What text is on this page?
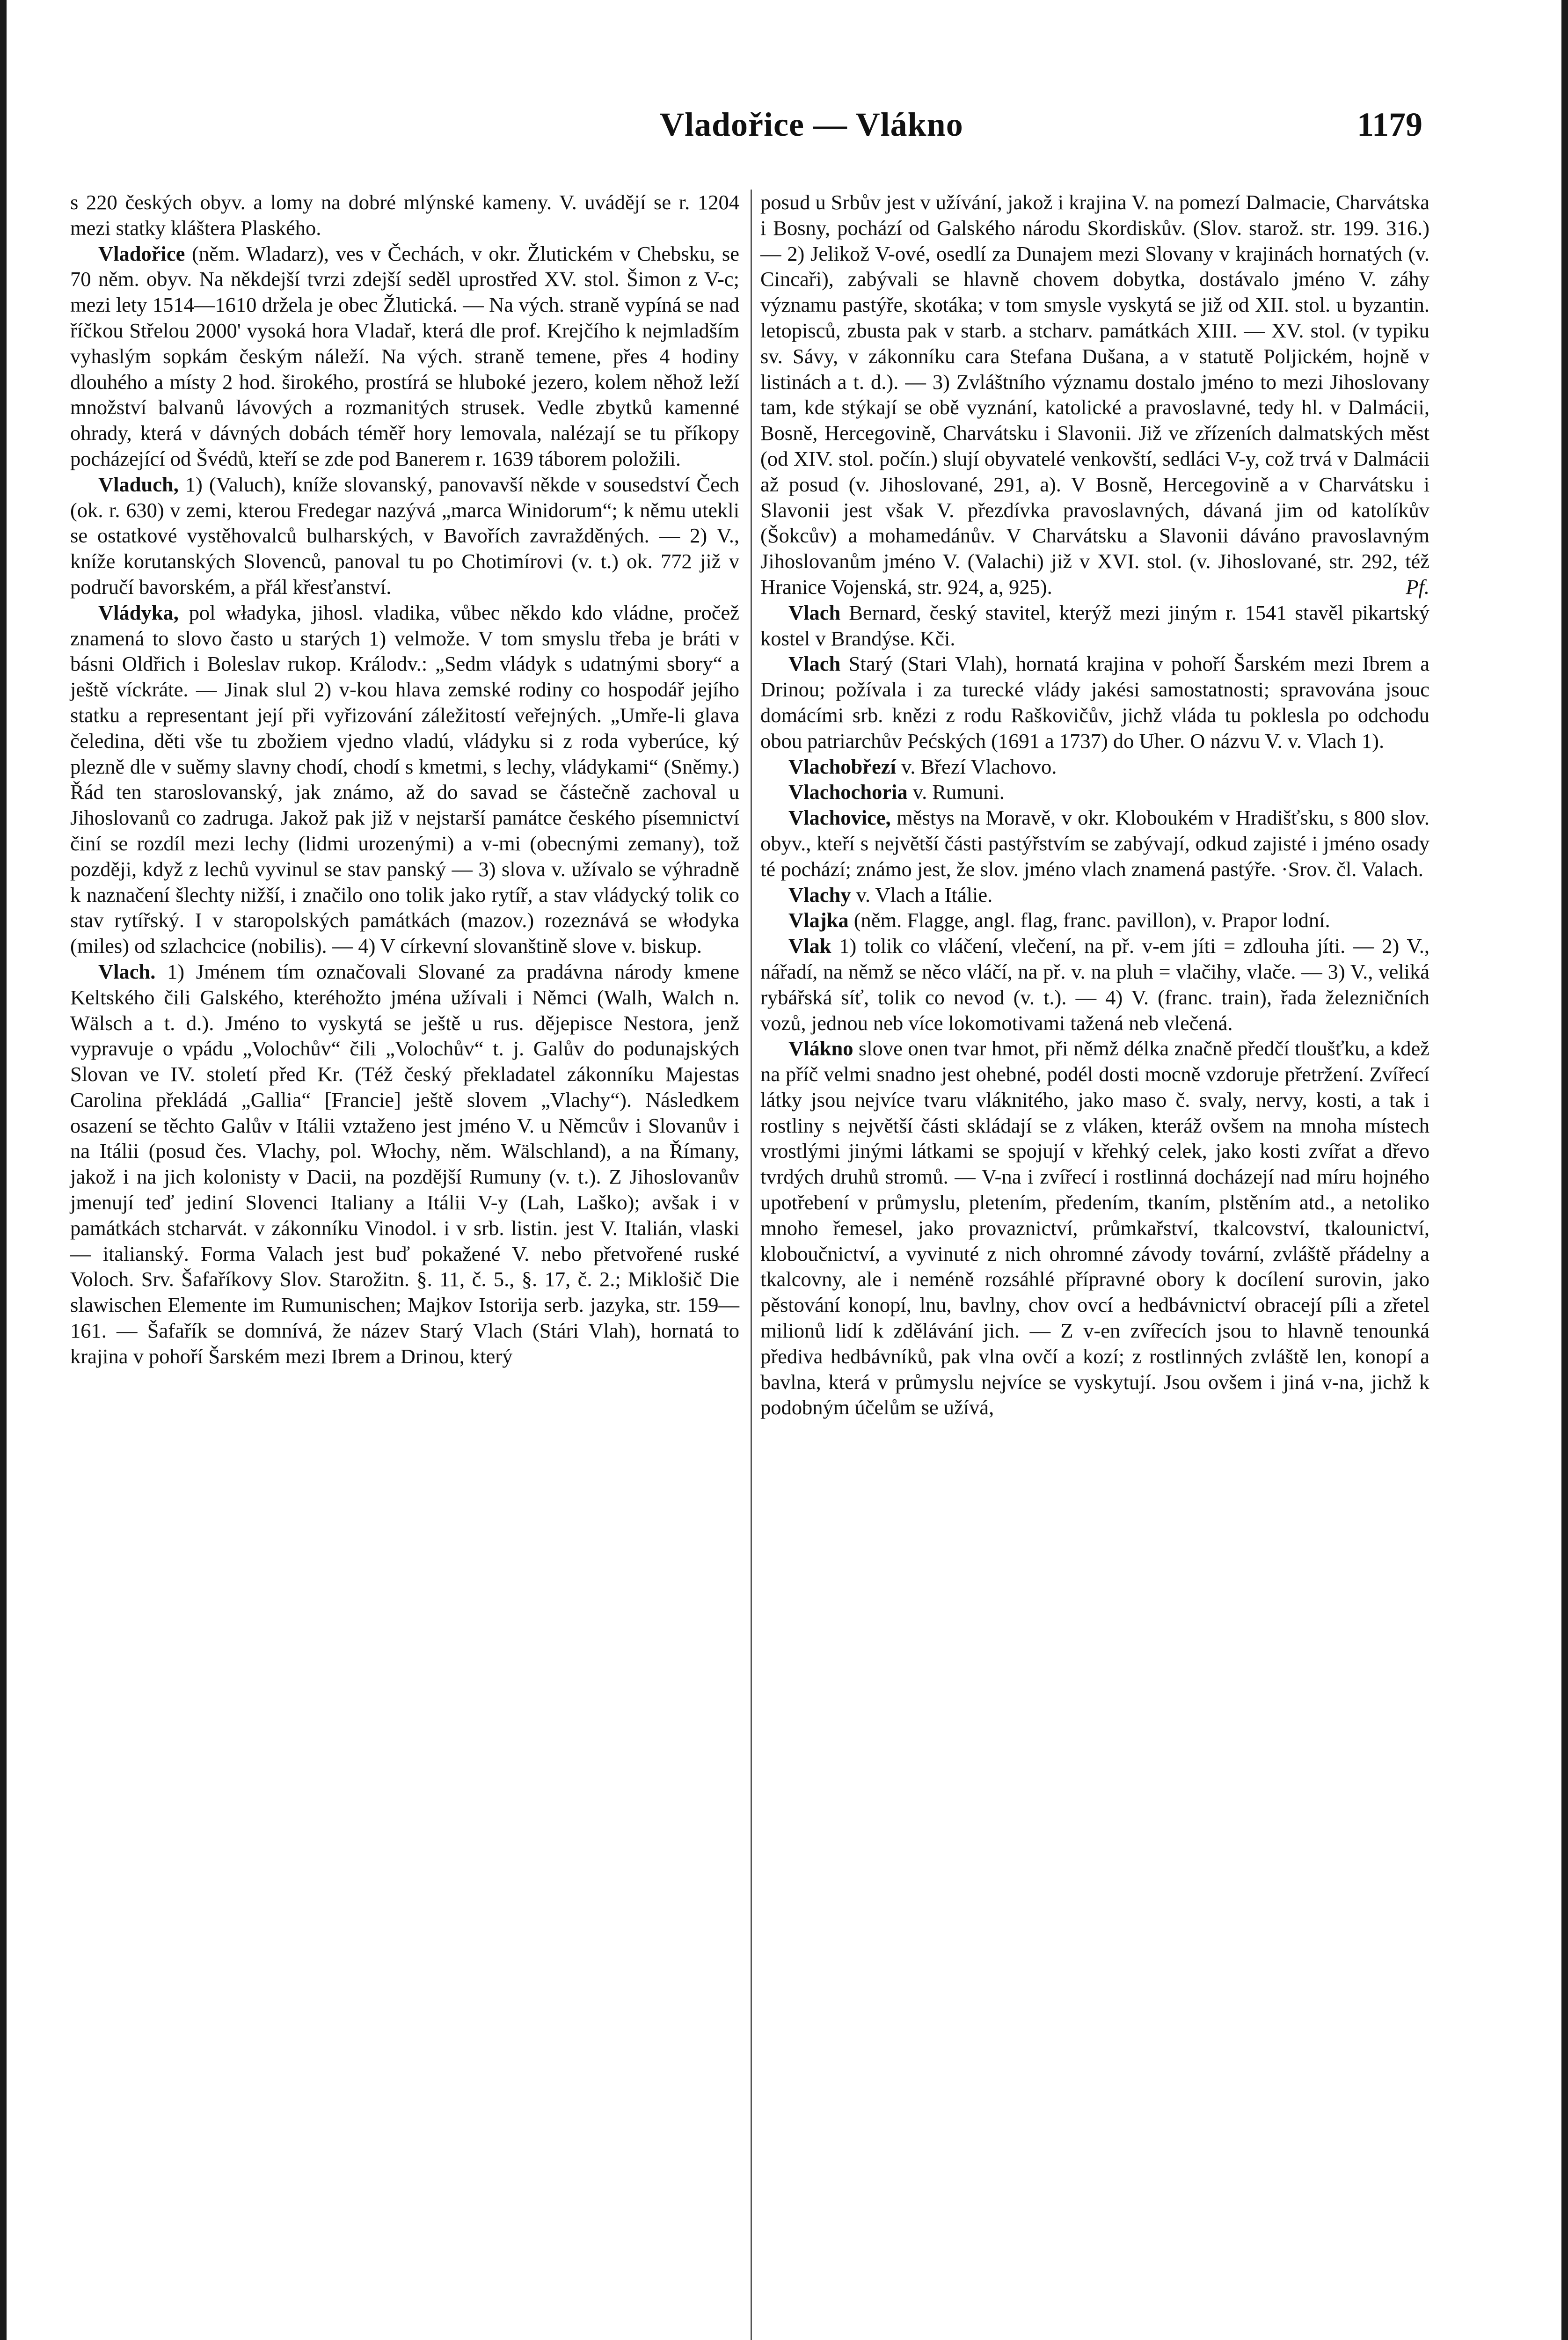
Vladořice — Vlákno	1179

s 220 českých obyv. a lomy na dobré mlýnské kameny. V. uvádějí se r. 1204 mezi statky kláštera Plaského.

Vladořice (něm. Wladarz), ves v Čechách, v okr. Žlutickém v Chebsku, se 70 něm. obyv. Na někdejší tvrzi zdejší seděl uprostřed XV. stol. Šimon z V-c; mezi lety 1514—1610 držela je obec Žlutická. — Na vých. straně vypíná se nad říčkou Střelou 2000' vysoká hora Vladař, která dle prof. Krejčího k nejmladším vyhaslým sopkám českým náleží. Na vých. straně temene, přes 4 hodiny dlouhého a místy 2 hod. širokého, prostírá se hluboké jezero, kolem něhož leží množství balvanů lávových a rozmanitých strusek. Vedle zbytků kamenné ohrady, která v dávných dobách téměř hory lemovala, nalézají se tu příkopy pocházející od Švédů, kteří se zde pod Banerem r. 1639 táborem položili.

Vladuch, 1) (Valuch), kníže slovanský, panovavší někde v sousedství Čech (ok. r. 630) v zemi, kterou Fredegar nazývá „marca Winidorum“; k němu utekli se ostatkové vystěhovalců bulharských, v Bavořích zavražděných. — 2) V., kníže korutanských Slovenců, panoval tu po Chotimírovi (v. t.) ok. 772 již v područí bavorském, a přál křesťanství.

Vládyka, pol władyka, jihosl. vladika, vůbec někdo kdo vládne, pročež znamená to slovo často u starých 1) velmože. V tom smyslu třeba je bráti v básni Oldřich i Boleslav rukop. Králodv.: „Sedm vládyk s udatnými sbory“ a ještě víckráte. — Jinak slul 2) v-kou hlava zemské rodiny co hospodář jejího statku a representant její při vyřizování záležitostí veřejných. „Umře-li glava čeledina, děti vše tu zbožiem vjedno vladú, vládyku si z roda vyberúce, ký plezně dle v suěmy slavny chodí, chodí s kmetmi, s lechy, vládykami“ (Sněmy.) Řád ten staroslovanský, jak známo, až do savad se částečně zachoval u Jihoslovanů co zadruga. Jakož pak již v nejstarší památce českého písemnictví činí se rozdíl mezi lechy (lidmi urozenými) a v-mi (obecnými zemany), tož později, když z lechů vyvinul se stav panský — 3) slova v. užívalo se výhradně k naznačení šlechty nižší, i značilo ono tolik jako rytíř, a stav vládycký tolik co stav rytířský. I v staropolských památkách (mazov.) rozeznává se włodyka (miles) od szlachcice (nobilis). — 4) V církevní slovanštině slove v. biskup.

Vlach. 1) Jménem tím označovali Slované za pradávna národy kmene Keltského čili Galského, kteréhožto jména užívali i Němci (Walh, Walch n. Wälsch a t. d.). Jméno to vyskytá se ještě u rus. dějepisce Nestora, jenž vypravuje o vpádu „Volochův“ čili „Volochův“ t. j. Galův do podunajských Slovan ve IV. století před Kr. (Též český překladatel zákonníku Majestas Carolina překládá „Gallia“ [Francie] ještě slovem „Vlachy“). Následkem osazení se těchto Galův v Itálii vztaženo jest jméno V. u Němcův i Slovanův i na Itálii (posud čes. Vlachy, pol. Włochy, něm. Wälschland), a na Římany, jakož i na jich kolonisty v Dacii, na pozdější Rumuny (v. t.). Z Jihoslovanův jmenují teď jediní Slovenci Italiany a Itálii V-y (Lah, Laško); avšak i v památkách stcharvát. v zákonníku Vinodol. i v srb. listin. jest V. Italián, vlaski — italianský. Forma Valach jest buď pokažené V. nebo přetvořené ruské Voloch. Srv. Šafaříkovy Slov. Starožitn. §. 11, č. 5., §. 17, č. 2.; Miklošič Die slawischen Elemente im Rumunischen; Majkov Istorija serb. jazyka, str. 159—161. — Šafařík se domnívá, že název Starý Vlach (Stári Vlah), hornatá to krajina v pohoří Šarském mezi Ibrem a Drinou, který

posud u Srbův jest v užívání, jakož i krajina V. na pomezí Dalmacie, Charvátska i Bosny, pochází od Galského národu Skordiskův. (Slov. starož. str. 199. 316.) — 2) Jelikož V-ové, osedlí za Dunajem mezi Slovany v krajinách hornatých (v. Cincaři), zabývali se hlavně chovem dobytka, dostávalo jméno V. záhy významu pastýře, skotáka; v tom smysle vyskytá se již od XII. stol. u byzantin. letopisců, zbusta pak v starb. a stcharv. památkách XIII. — XV. stol. (v typiku sv. Sávy, v zákonníku cara Stefana Dušana, a v statutě Poljickém, hojně v listinách a t. d.). — 3) Zvláštního významu dostalo jméno to mezi Jihoslovany tam, kde stýkají se obě vyznání, katolické a pravoslavné, tedy hl. v Dalmácii, Bosně, Hercegovině, Charvátsku i Slavonii. Již ve zřízeních dalmatských měst (od XIV. stol. počín.) slují obyvatelé venkovští, sedláci V-y, což trvá v Dalmácii až posud (v. Jihoslované, 291, a). V Bosně, Hercegovině a v Charvátsku i Slavonii jest však V. přezdívka pravoslavných, dávaná jim od katolíkův (Šokcův) a mohamedánův. V Charvátsku a Slavonii dáváno pravoslavným Jihoslovanům jméno V. (Valachi) již v XVI. stol. (v. Jihoslované, str. 292, též Hranice Vojenská, str. 924, a, 925).	Pf.

Vlach Bernard, český stavitel, kterýž mezi jiným r. 1541 stavěl pikartský kostel v Brandýse. Kči.

Vlach Starý (Stari Vlah), hornatá krajina v pohoří Šarském mezi Ibrem a Drinou; požívala i za turecké vlády jakési samostatnosti; spravována jsouc domácími srb. knězi z rodu Raškovičův, jichž vláda tu poklesla po odchodu obou patriarchův Pećských (1691 a 1737) do Uher. O názvu V. v. Vlach 1).

Vlachobřezí v. Březí Vlachovo.

Vlachochoria v. Rumuni.

Vlachovice, městys na Moravě, v okr. Kloboukém v Hradišťsku, s 800 slov. obyv., kteří s největší části pastýřstvím se zabývají, odkud zajisté i jméno osady té pochází; známo jest, že slov. jméno vlach znamená pastýře. ·Srov. čl. Valach.

Vlachy v. Vlach a Itálie.

Vlajka (něm. Flagge, angl. flag, franc. pavillon), v. Prapor lodní.

Vlak 1) tolik co vláčení, vlečení, na př. v-em jíti = zdlouha jíti. — 2) V., nářadí, na němž se něco vláčí, na př. v. na pluh = vlačihy, vlače. — 3) V., veliká rybářská síť, tolik co nevod (v. t.). — 4) V. (franc. train), řada železničních vozů, jednou neb více lokomotivami tažená neb vlečená.

Vlákno slove onen tvar hmot, při němž délka značně předčí tloušťku, a kdež na příč velmi snadno jest ohebné, podél dosti mocně vzdoruje přetržení. Zvířecí látky jsou nejvíce tvaru vláknitého, jako maso č. svaly, nervy, kosti, a tak i rostliny s největší části skládají se z vláken, kteráž ovšem na mnoha místech vrostlými jinými látkami se spojují v křehký celek, jako kosti zvířat a dřevo tvrdých druhů stromů. — V-na i zvířecí i rostlinná docházejí nad míru hojného upotřebení v průmyslu, pletením, předením, tkaním, plstěním atd., a netoliko mnoho řemesel, jako provaznictví, průmkařství, tkalcovství, tkalounictví, kloboučnictví, a vyvinuté z nich ohromné závody tovární, zvláště přádelny a tkalcovny, ale i neméně rozsáhlé přípravné obory k docílení surovin, jako pěstování konopí, lnu, bavlny, chov ovcí a hedbávnictví obracejí píli a zřetel milionů lidí k zdělávání jich. — Z v-en zvířecích jsou to hlavně tenounká předivа hedbávníků, pak vlna ovčí a kozí; z rostlinných zvláště len, konopí a bavlna, která v průmyslu nejvíce se vyskytují. Jsou ovšem i jiná v-na, jichž k podobným účelům se užívá,
